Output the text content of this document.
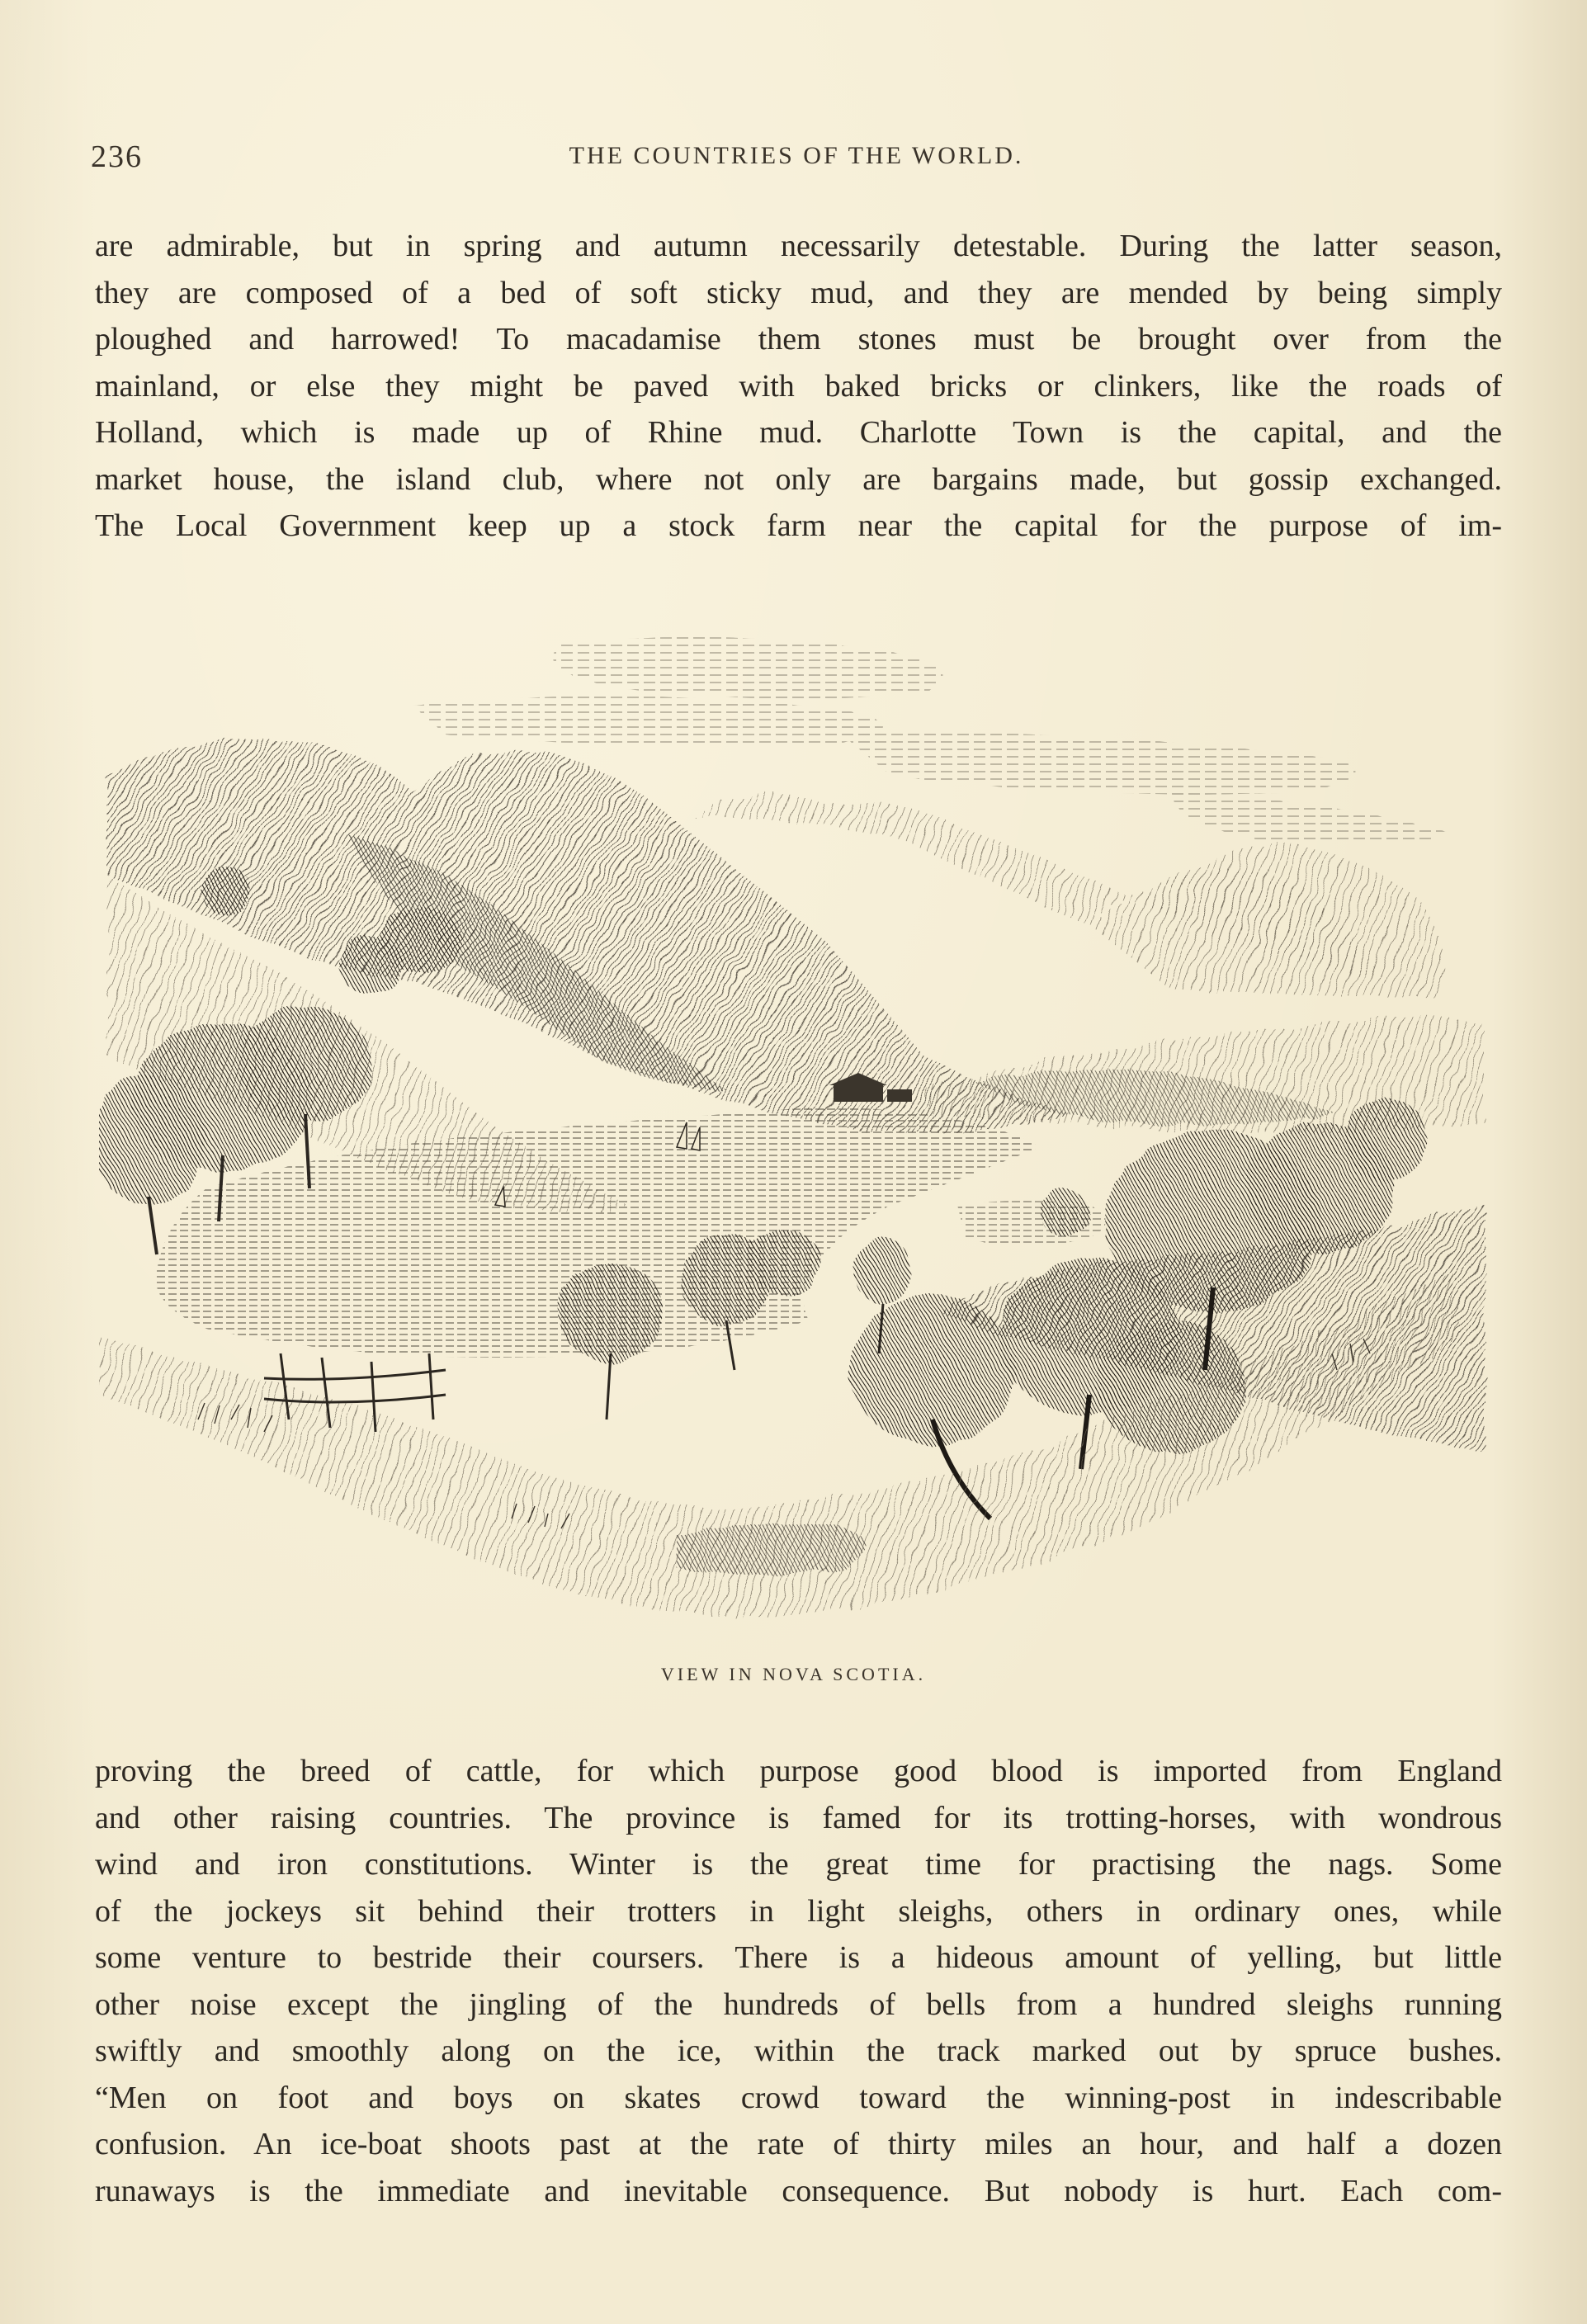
236	THE COUNTRIES OF THE WORLD.
are admirable, but in spring and autumn necessarily detestable. During the latter season,
they are composed of a bed of soft sticky mud, and they are mended by being simply
ploughed and harrowed! To macadamise them stones must be brought over from the
mainland, or else they might be paved with baked bricks or clinkers, like the roads of
Holland, which is made up of Rhine mud. Charlotte Town is the capital, and the
market house, the island club, where not only are bargains made, but gossip exchanged.
The Local Government keep up a stock farm near the capital for the purpose of im-
VIEW IN NOVA SCOTIA.
proving the breed of cattle, for which purpose good blood is imported from England
and other raising countries. The province is famed for its trotting-horses, with wondrous
wind and iron constitutions. Winter is the great time for practising the nags. Some
of the jockeys sit behind their trotters in light sleighs, others in ordinary ones, while
some venture to bestride their coursers. There is a hideous amount of yelling, but little
other noise except the jingling of the hundreds of bells from a hundred sleighs running
swiftly and smoothly along on the ice, within the track marked out by spruce bushes.
“Men on foot and boys on skates crowd toward the winning-post in indescribable
confusion. An ice-boat shoots past at the rate of thirty miles an hour, and half a dozen
runaways is the immediate and inevitable consequence. But nobody is hurt. Each com-
